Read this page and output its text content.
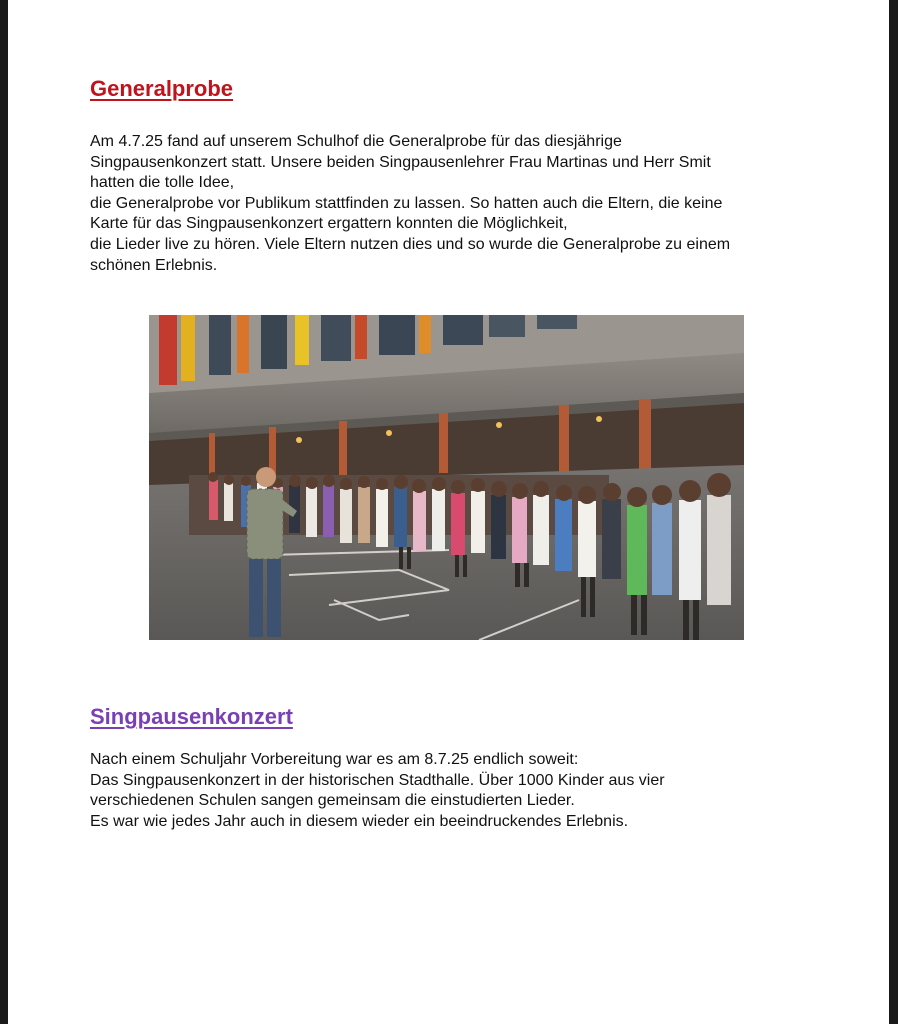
Generalprobe
Am 4.7.25 fand auf unserem Schulhof die Generalprobe für das diesjährige
Singpausenkonzert statt. Unsere beiden Singpausenlehrer Frau Martinas und Herr Smit
hatten die tolle Idee,
die Generalprobe vor Publikum stattfinden zu lassen. So hatten auch die Eltern, die keine
Karte für das Singpausenkonzert ergattern konnten die Möglichkeit,
die Lieder live zu hören. Viele Eltern nutzen dies und so wurde die Generalprobe zu einem
schönen Erlebnis.
Singpausenkonzert
Nach einem Schuljahr Vorbereitung war es am 8.7.25 endlich soweit:
Das Singpausenkonzert in der historischen Stadthalle. Über 1000 Kinder aus vier
verschiedenen Schulen sangen gemeinsam die einstudierten Lieder.
Es war wie jedes Jahr auch in diesem wieder ein beeindruckendes Erlebnis.
